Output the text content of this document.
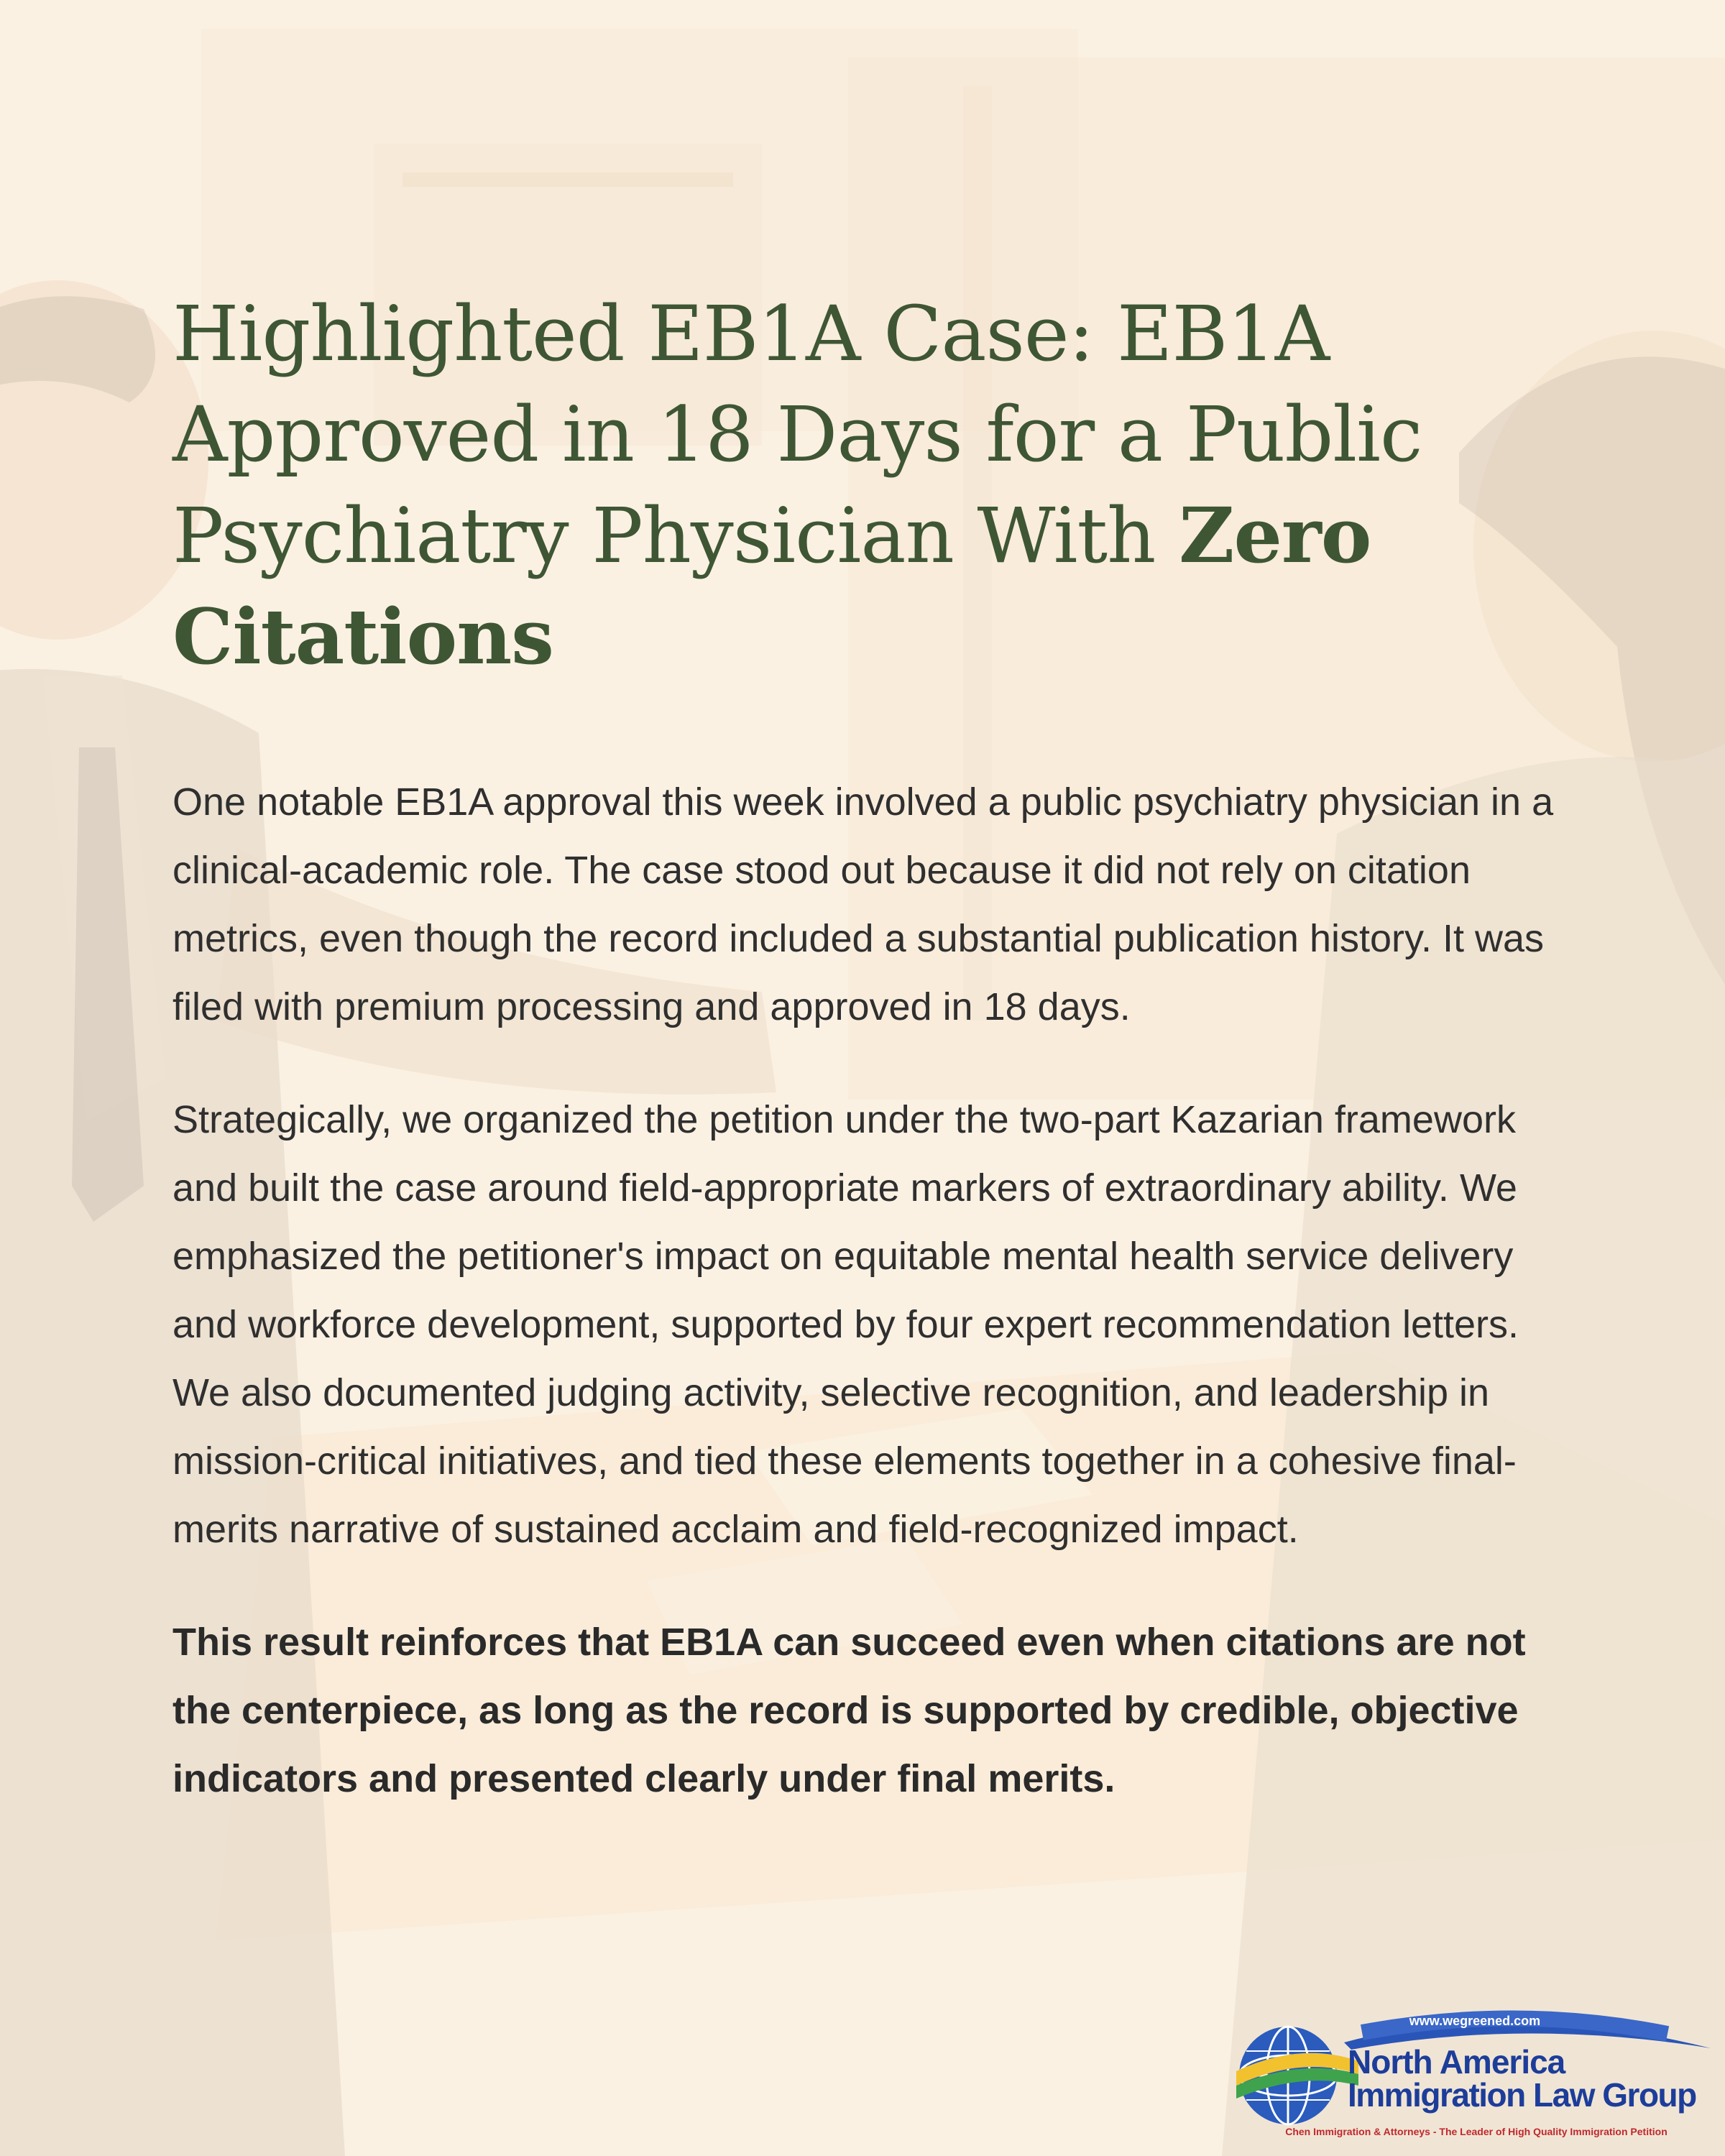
Highlighted EB1A Case: EB1A Approved in 18 Days for a Public Psychiatry Physician With Zero Citations

One notable EB1A approval this week involved a public psychiatry physician in a clinical-academic role. The case stood out because it did not rely on citation metrics, even though the record included a substantial publication history. It was filed with premium processing and approved in 18 days.

Strategically, we organized the petition under the two-part Kazarian framework and built the case around field-appropriate markers of extraordinary ability. We emphasized the petitioner's impact on equitable mental health service delivery and workforce development, supported by four expert recommendation letters. We also documented judging activity, selective recognition, and leadership in mission-critical initiatives, and tied these elements together in a cohesive final-merits narrative of sustained acclaim and field-recognized impact.

This result reinforces that EB1A can succeed even when citations are not the centerpiece, as long as the record is supported by credible, objective indicators and presented clearly under final merits.

www.wegreened.com
North America
Immigration Law Group
Chen Immigration & Attorneys - The Leader of High Quality Immigration Petition
